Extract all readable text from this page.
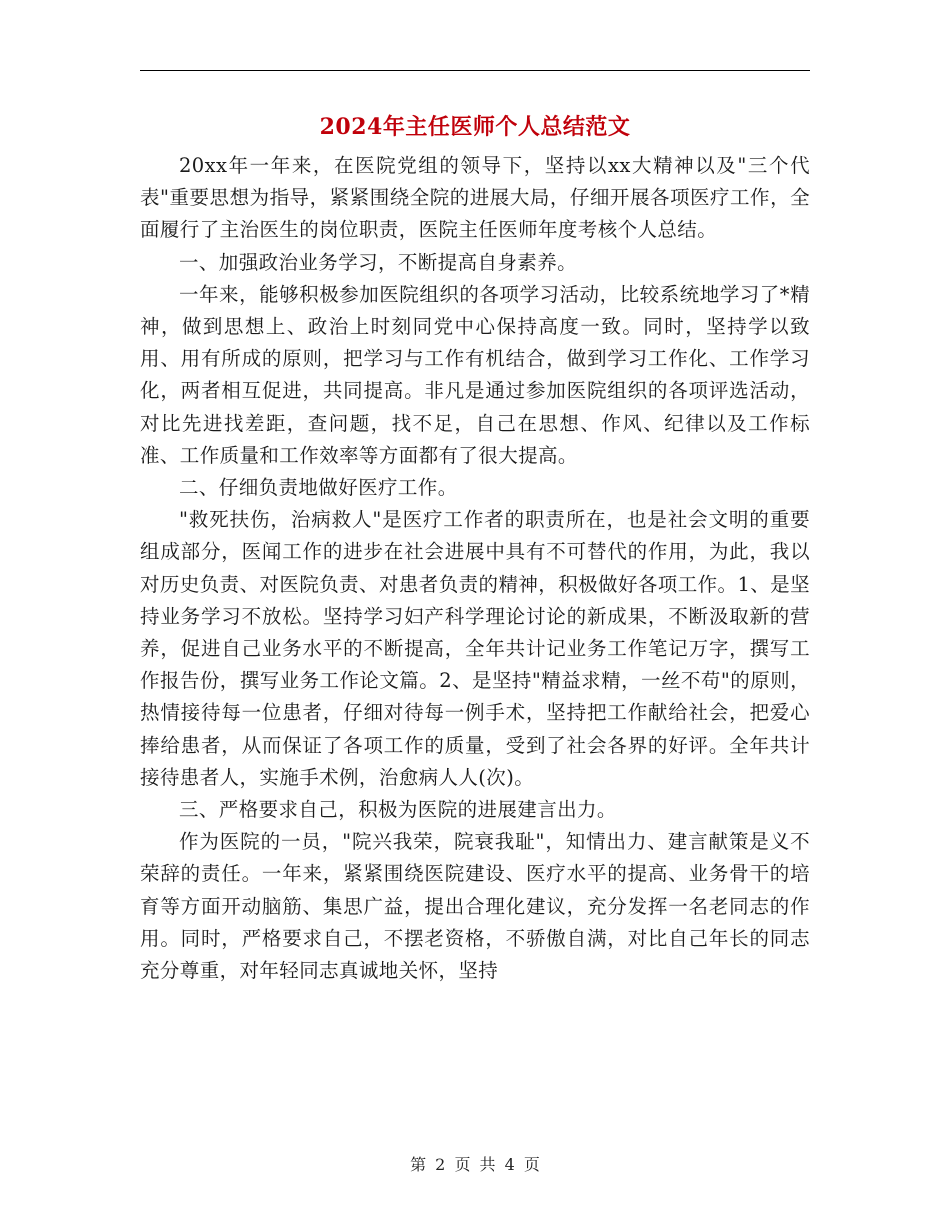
2024年主任医师个人总结范文

20xx年一年来，在医院党组的领导下，坚持以xx大精神以及"三个代表"重要思想为指导，紧紧围绕全院的进展大局，仔细开展各项医疗工作，全面履行了主治医生的岗位职责，医院主任医师年度考核个人总结。

一、加强政治业务学习，不断提高自身素养。

一年来，能够积极参加医院组织的各项学习活动，比较系统地学习了*精神，做到思想上、政治上时刻同党中心保持高度一致。同时，坚持学以致用、用有所成的原则，把学习与工作有机结合，做到学习工作化、工作学习化，两者相互促进，共同提高。非凡是通过参加医院组织的各项评选活动，对比先进找差距，查问题，找不足，自己在思想、作风、纪律以及工作标准、工作质量和工作效率等方面都有了很大提高。

二、仔细负责地做好医疗工作。

"救死扶伤，治病救人"是医疗工作者的职责所在，也是社会文明的重要组成部分，医闻工作的进步在社会进展中具有不可替代的作用，为此，我以对历史负责、对医院负责、对患者负责的精神，积极做好各项工作。1、是坚持业务学习不放松。坚持学习妇产科学理论讨论的新成果，不断汲取新的营养，促进自己业务水平的不断提高，全年共计记业务工作笔记万字，撰写工作报告份，撰写业务工作论文篇。2、是坚持"精益求精，一丝不苟"的原则，热情接待每一位患者，仔细对待每一例手术，坚持把工作献给社会，把爱心捧给患者，从而保证了各项工作的质量，受到了社会各界的好评。全年共计接待患者人，实施手术例，治愈病人人(次)。

三、严格要求自己，积极为医院的进展建言出力。

作为医院的一员，"院兴我荣，院衰我耻"，知情出力、建言献策是义不荣辞的责任。一年来，紧紧围绕医院建设、医疗水平的提高、业务骨干的培育等方面开动脑筋、集思广益，提出合理化建议，充分发挥一名老同志的作用。同时，严格要求自己，不摆老资格，不骄傲自满，对比自己年长的同志充分尊重，对年轻同志真诚地关怀，坚持

第 2 页 共 4 页
